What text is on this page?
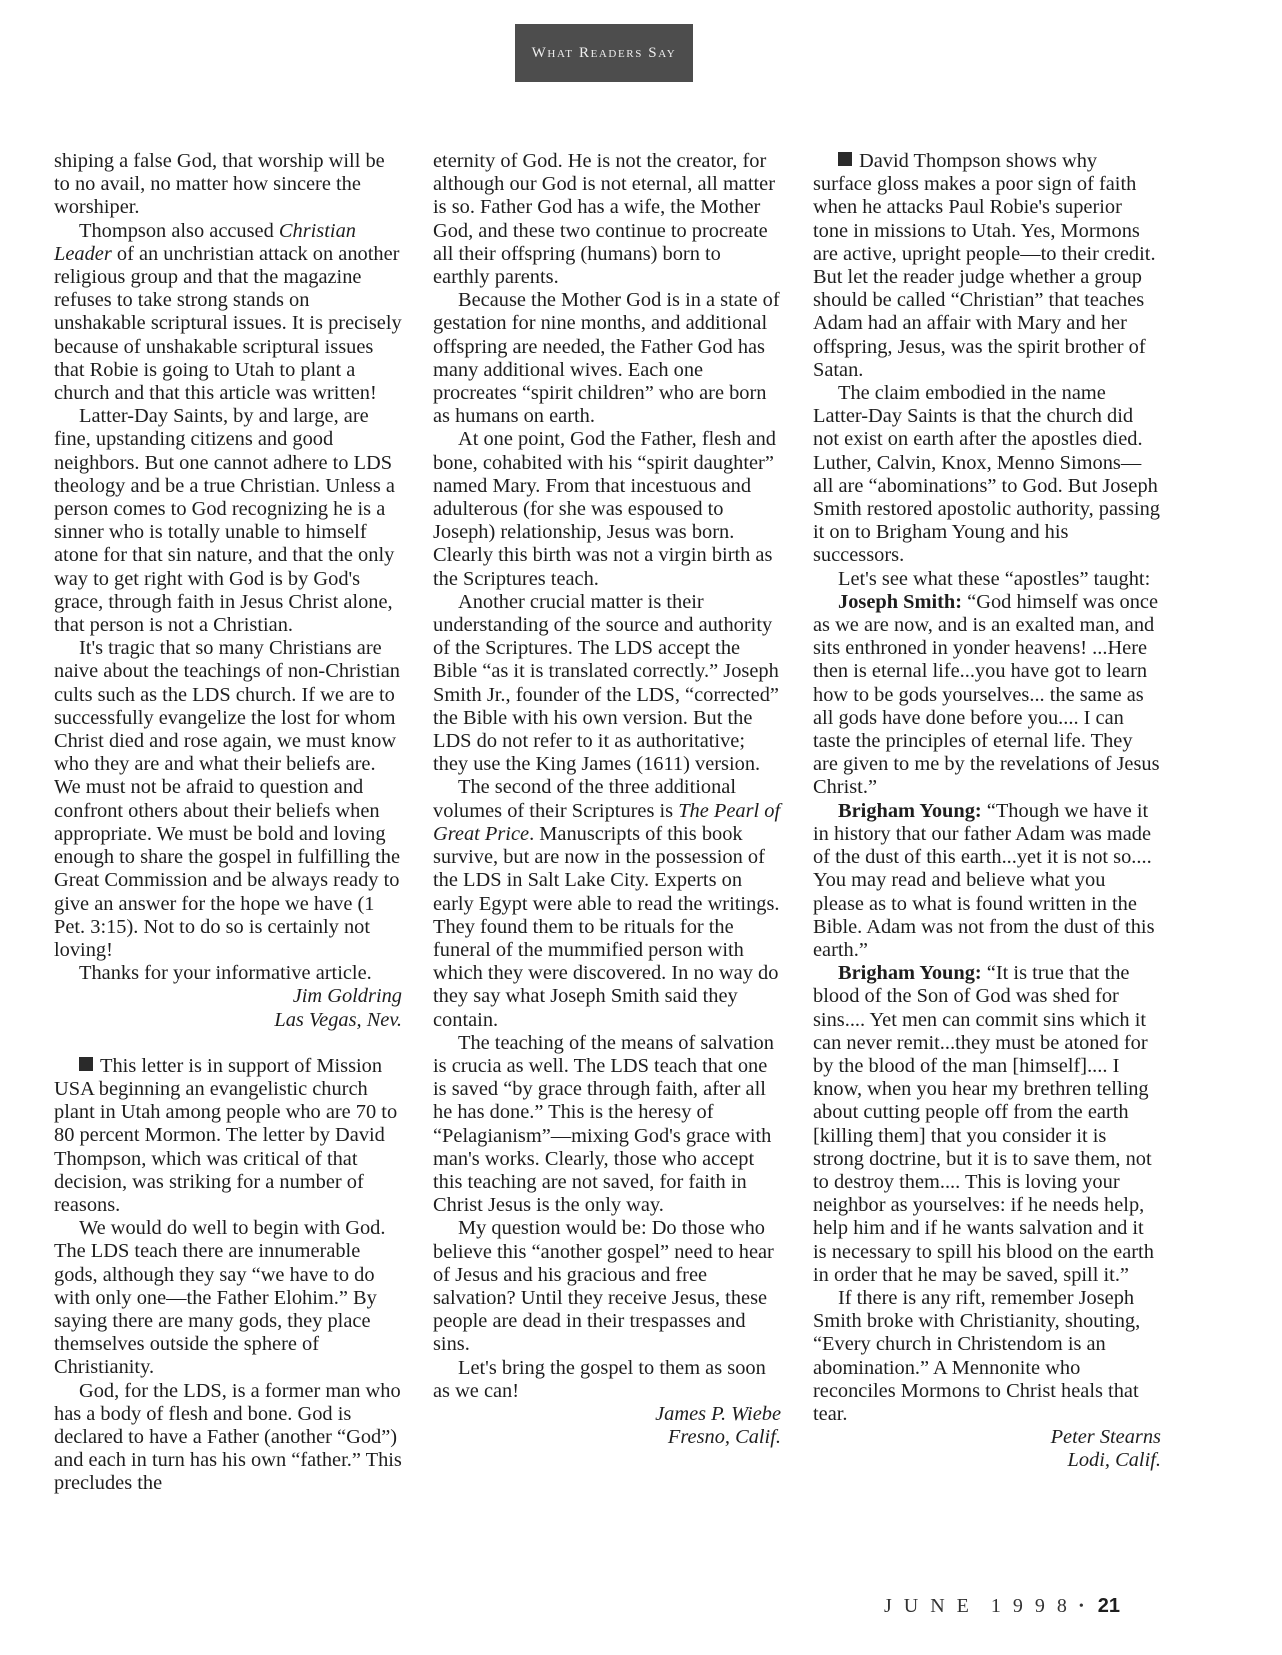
What Readers Say

shiping a false God, that worship will be to no avail, no matter how sincere the worshiper.

Thompson also accused Christian Leader of an unchristian attack on another religious group and that the magazine refuses to take strong stands on unshakable scriptural issues. It is precisely because of unshakable scriptural issues that Robie is going to Utah to plant a church and that this article was written!

Latter-Day Saints, by and large, are fine, upstanding citizens and good neighbors. But one cannot adhere to LDS theology and be a true Christian. Unless a person comes to God recognizing he is a sinner who is totally unable to himself atone for that sin nature, and that the only way to get right with God is by God's grace, through faith in Jesus Christ alone, that person is not a Christian.

It's tragic that so many Christians are naive about the teachings of non-Christian cults such as the LDS church. If we are to successfully evangelize the lost for whom Christ died and rose again, we must know who they are and what their beliefs are. We must not be afraid to question and confront others about their beliefs when appropriate. We must be bold and loving enough to share the gospel in fulfilling the Great Commission and be always ready to give an answer for the hope we have (1 Pet. 3:15). Not to do so is certainly not loving!

Thanks for your informative article.

Jim Goldring

Las Vegas, Nev.

This letter is in support of Mission USA beginning an evangelistic church plant in Utah among people who are 70 to 80 percent Mormon. The letter by David Thompson, which was critical of that decision, was striking for a number of reasons.

We would do well to begin with God. The LDS teach there are innumerable gods, although they say “we have to do with only one—the Father Elohim.” By saying there are many gods, they place themselves outside the sphere of Christianity.

God, for the LDS, is a former man who has a body of flesh and bone. God is declared to have a Father (another “God”) and each in turn has his own “father.” This precludes the

eternity of God. He is not the creator, for although our God is not eternal, all matter is so. Father God has a wife, the Mother God, and these two continue to procreate all their offspring (humans) born to earthly parents.

Because the Mother God is in a state of gestation for nine months, and additional offspring are needed, the Father God has many additional wives. Each one procreates “spirit children” who are born as humans on earth.

At one point, God the Father, flesh and bone, cohabited with his “spirit daughter” named Mary. From that incestuous and adulterous (for she was espoused to Joseph) relationship, Jesus was born. Clearly this birth was not a virgin birth as the Scriptures teach.

Another crucial matter is their understanding of the source and authority of the Scriptures. The LDS accept the Bible “as it is translated correctly.” Joseph Smith Jr., founder of the LDS, “corrected” the Bible with his own version. But the LDS do not refer to it as authoritative; they use the King James (1611) version.

The second of the three additional volumes of their Scriptures is The Pearl of Great Price. Manuscripts of this book survive, but are now in the possession of the LDS in Salt Lake City. Experts on early Egypt were able to read the writings. They found them to be rituals for the funeral of the mummified person with which they were discovered. In no way do they say what Joseph Smith said they contain.

The teaching of the means of salvation is crucia as well. The LDS teach that one is saved “by grace through faith, after all he has done.” This is the heresy of “Pelagianism”—mixing God's grace with man's works. Clearly, those who accept this teaching are not saved, for faith in Christ Jesus is the only way.

My question would be: Do those who believe this “another gospel” need to hear of Jesus and his gracious and free salvation? Until they receive Jesus, these people are dead in their trespasses and sins.

Let's bring the gospel to them as soon as we can!

James P. Wiebe

Fresno, Calif.

David Thompson shows why surface gloss makes a poor sign of faith when he attacks Paul Robie's superior tone in missions to Utah. Yes, Mormons are active, upright people—to their credit. But let the reader judge whether a group should be called “Christian” that teaches Adam had an affair with Mary and her offspring, Jesus, was the spirit brother of Satan.

The claim embodied in the name Latter-Day Saints is that the church did not exist on earth after the apostles died. Luther, Calvin, Knox, Menno Simons—all are “abominations” to God. But Joseph Smith restored apostolic authority, passing it on to Brigham Young and his successors.

Let's see what these “apostles” taught:

Joseph Smith: “God himself was once as we are now, and is an exalted man, and sits enthroned in yonder heavens! ...Here then is eternal life...you have got to learn how to be gods yourselves... the same as all gods have done before you.... I can taste the principles of eternal life. They are given to me by the revelations of Jesus Christ.”

Brigham Young: “Though we have it in history that our father Adam was made of the dust of this earth...yet it is not so.... You may read and believe what you please as to what is found written in the Bible. Adam was not from the dust of this earth.”

Brigham Young: “It is true that the blood of the Son of God was shed for sins.... Yet men can commit sins which it can never remit...they must be atoned for by the blood of the man [himself].... I know, when you hear my brethren telling about cutting people off from the earth [killing them] that you consider it is strong doctrine, but it is to save them, not to destroy them.... This is loving your neighbor as yourselves: if he needs help, help him and if he wants salvation and it is necessary to spill his blood on the earth in order that he may be saved, spill it.”

If there is any rift, remember Joseph Smith broke with Christianity, shouting, “Every church in Christendom is an abomination.” A Mennonite who reconciles Mormons to Christ heals that tear.

Peter Stearns

Lodi, Calif.

JUNE 1998 • 21
